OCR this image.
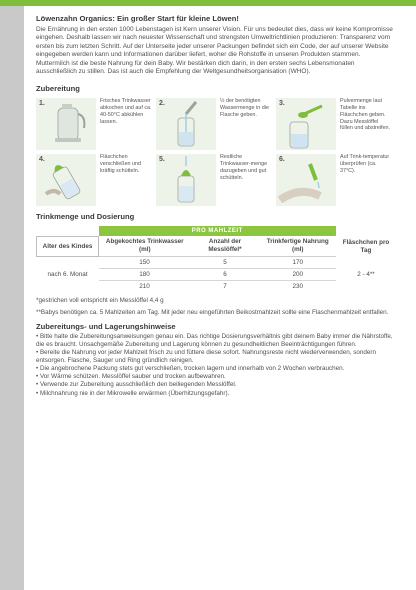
Löwenzahn Organics: Ein großer Start für kleine Löwen!

Die Ernährung in den ersten 1000 Lebenstagen ist Kern unserer Vision. Für uns bedeutet dies, dass wir keine Kompromisse eingehen. Deshalb lassen wir nach neuester Wissenschaft und strengsten Umweltrichtlinien produzieren: Transparenz vom ersten bis zum letzten Schritt. Auf der Unterseite jeder unserer Packungen befindet sich ein Code, der auf unserer Website eingegeben werden kann und Informationen darüber liefert, woher die Rohstoffe in unseren Produkten stammen.

Muttermilch ist die beste Nahrung für dein Baby. Wir bestärken dich darin, in den ersten sechs Lebensmonaten ausschließlich zu stillen. Das ist auch die Empfehlung der Weltgesundheitsorganisation (WHO).

Zubereitung
1.	Frisches Trinkwasser abkochen und auf ca. 40-50°C abkühlen lassen.
2.	½ der benötigten Wassermenge in die Flasche geben.
3.	Pulvermenge laut Tabelle ins Fläschchen geben. Dazu Messlöffel füllen und abstreifen.
4.	Fläschchen verschließen und kräftig schütteln.
5.	Restliche Trinkwasser-menge dazugeben und gut schütteln.
6.	Auf Trink-temperatur überprüfen (ca. 37°C).
Trinkmenge und Dosierung
	PRO MAHLZEIT			
Alter des Kindes	Abgekochtes Trinkwasser (ml)	Anzahl der Messlöffel*	Trinkfertige Nahrung (ml)	Fläschchen pro Tag
nach 6. Monat	150	5	170	2 - 4**
	180	6	200	
	210	7	230	

*gestrichen voll entspricht ein Messlöffel 4,4 g

**Babys benötigen ca. 5 Mahlzeiten am Tag. Mit jeder neu eingeführten Beikostmahlzeit sollte eine Flaschenmahlzeit entfallen.

Zubereitungs- und Lagerungshinweise

• Bitte halte die Zubereitungsanweisungen genau ein. Das richtige Dosierungsverhältnis gibt deinem Baby immer die Nährstoffe, die es braucht. Unsachgemäße Zubereitung und Lagerung können zu gesundheitlichen Beeinträchtigungen führen.

• Bereite die Nahrung vor jeder Mahlzeit frisch zu und füttere diese sofort. Nahrungsreste nicht wiederverwenden, sondern entsorgen. Flasche, Sauger und Ring gründlich reinigen.

• Die angebrochene Packung stets gut verschließen, trocken lagern und innerhalb von 2 Wochen verbrauchen.

• Vor Wärme schützen. Messlöffel sauber und trocken aufbewahren.

• Verwende zur Zubereitung ausschließlich den beiliegenden Messlöffel.

• Milchnahrung nie in der Mikrowelle erwärmen (Überhitzungsgefahr).
